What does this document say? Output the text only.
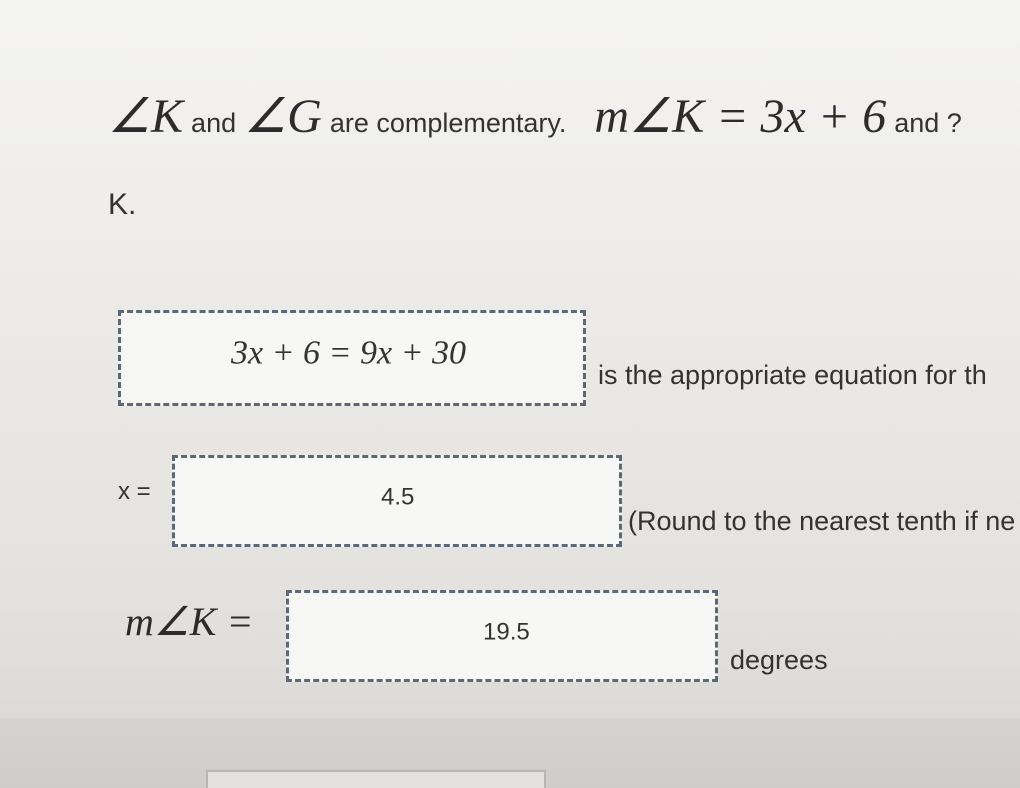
∠K and ∠G are complementary. m∠K = 3x + 6 and ?
K.
3x + 6 = 9x + 30
is the appropriate equation for th
x =	4.5
(Round to the nearest tenth if ne
m∠K =	19.5
degrees
